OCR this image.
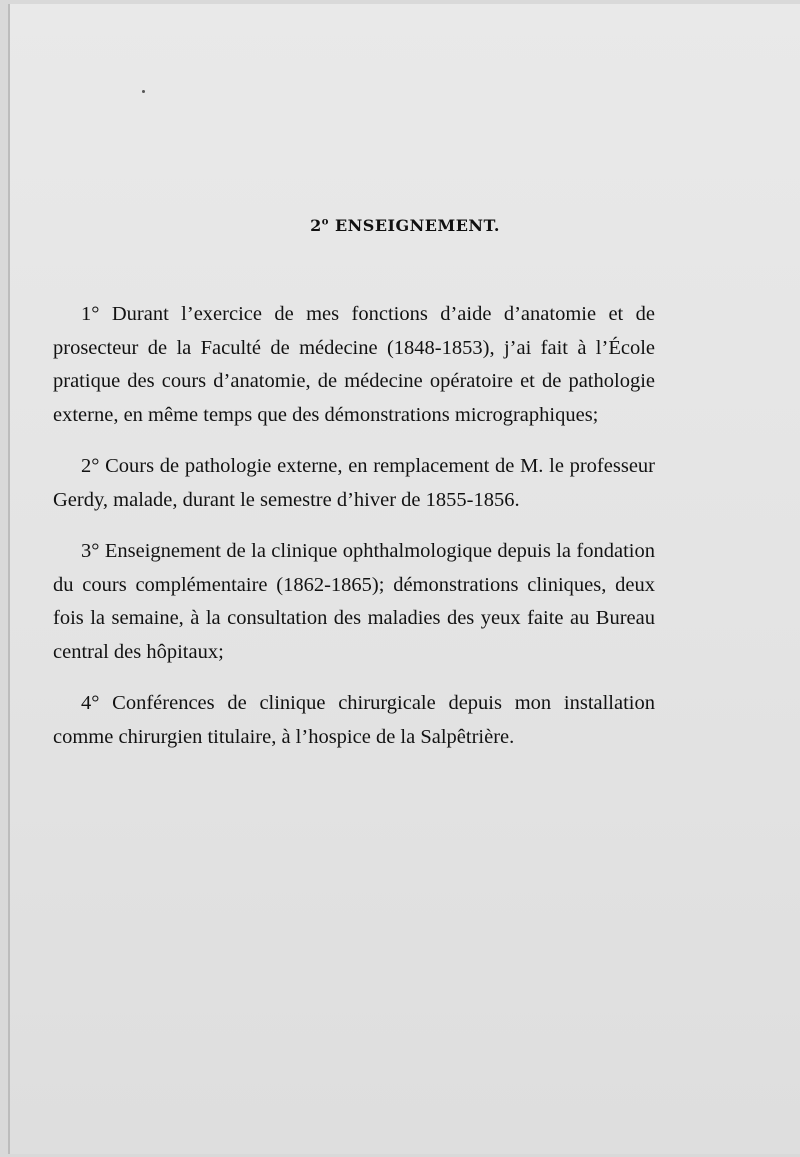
2$^o$ ENSEIGNEMENT.

1° Durant l’exercice de mes fonctions d’aide d’anatomie et de prosecteur de la Faculté de médecine (1848-1853), j’ai fait à l’École pratique des cours d’anatomie, de médecine opératoire et de pathologie externe, en même temps que des démonstrations micrographiques;

2° Cours de pathologie externe, en remplacement de M. le professeur Gerdy, malade, durant le semestre d’hiver de 1855-1856.

3° Enseignement de la clinique ophthalmologique depuis la fondation du cours complémentaire (1862-1865); démonstrations cliniques, deux fois la semaine, à la consultation des maladies des yeux faite au Bureau central des hôpitaux;

4° Conférences de clinique chirurgicale depuis mon installation comme chirurgien titulaire, à l’hospice de la Salpêtrière.
